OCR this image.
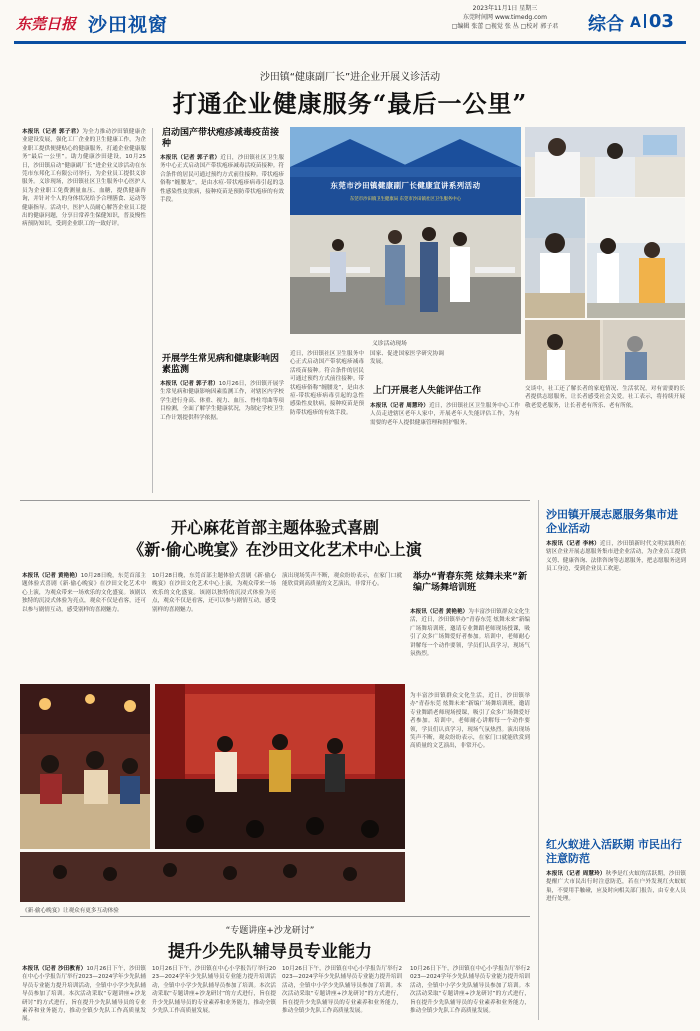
东莞日报 沙田视窗
2023年11月1日 星期三
东莞时间网 www.timedg.com
□编辑 张蕾 □视觉 张 丛 □校对 郭子君	综合 A 03
沙田镇“健康副厂长”进企业开展义诊活动
打通企业健康服务“最后一公里”
本报讯（记者 郭子君）为全力推动沙田镇健康企业建设发展，强化工厂企业的卫生健康工作，为企业职工提供便捷贴心的健康服务，打通企业健康服务“最后一公里”。助力健康沙田建设，10月25日，沙田镇启动“健康副厂长”进企业义诊活动在东莞市东邦化工有限公司举行，为企业员工提供义诊服务。义诊现场，沙田镇社区卫生服务中心医护人员为企业职工免费测量血压、血糖，提供健康咨询，并针对个人的身体状况给予合理膳食、运动等健康指导。活动中，医护人员耐心解答企业员工提出的健康问题，分享日常养生保健知识，普及慢性病预防知识，受到企业职工的一致好评。
启动国产带状疱疹减毒疫苗接种
本报讯（记者 郭子君）近日，沙田镇社区卫生服务中心正式启动国产带状疱疹减毒活疫苗接种。符合条件的居民可通过预约方式前往接种。带状疱疹俗称“缠腰龙”，是由水痘-带状疱疹病毒引起的急性感染性皮肤病，接种疫苗是预防带状疱疹的有效手段。
开展学生常见病和健康影响因素监测
本报讯（记者 郭子君）10月26日，沙田镇开展学生常见病和健康影响因素监测工作，对辖区内学校学生进行身高、体重、视力、血压、脊柱弯曲等项目检测，全面了解学生健康状况，为制定学校卫生工作计划提供科学依据。
东莞市沙田镇健康副厂长健康宣讲系列活动
东莞市沙田镇卫生健康局 东莞市沙田镇社区卫生服务中心
义诊活动现场
近日，沙田镇社区卫生服务中心正式启动国产带状疱疹减毒活疫苗接种。符合条件的居民可通过预约方式前往接种。带状疱疹俗称“缠腰龙”，是由水痘-带状疱疹病毒引起的急性感染性皮肤病，接种疫苗是预防带状疱疹的有效手段。
国家、促进国家医学研究协调发展。
上门开展老人失能评估工作
本报讯（记者 周慧玲）近日，沙田镇社区卫生服务中心工作人员走进辖区老年人家中，开展老年人失能评估工作，为有需要的老年人提供健康管理和照护服务。
交谈中，社工还了解长者的家庭情况、生活状况，对有需要的长者提供志愿服务，让长者感受社会关爱。社工表示，将持续开展敬老爱老服务，让长者老有所乐、老有所依。
开心麻花首部主题体验式喜剧
《新·偷心晚宴》在沙田文化艺术中心上演
本报讯（记者 黄艳艳）10月28日晚，东莞首部主题体验式喜剧《新·偷心晚宴》在沙田文化艺术中心上演，为观众带来一场欢乐的文化盛宴。该剧以独特的沉浸式体验为亮点，观众不仅是看客，还可以参与剧情互动，感受别样的喜剧魅力。
10月28日晚，东莞首部主题体验式喜剧《新·偷心晚宴》在沙田文化艺术中心上演，为观众带来一场欢乐的文化盛宴。该剧以独特的沉浸式体验为亮点，观众不仅是看客，还可以参与剧情互动，感受别样的喜剧魅力。
演出现场笑声不断，观众纷纷表示，在家门口就能欣赏到高质量的文艺演出，非常开心。
《新·偷心晚宴》让观众有更多互动体验
举办“青春东莞 炫舞未来”新编广场舞培训班
本报讯（记者 黄艳艳）为丰富沙田镇群众文化生活，近日，沙田镇举办“青春东莞 炫舞未来”新编广场舞培训班，邀请专业舞蹈老师现场授课，吸引了众多广场舞爱好者参加。培训中，老师耐心讲解每一个动作要领，学员们认真学习，现场气氛热烈。
为丰富沙田镇群众文化生活，近日，沙田镇举办“青春东莞 炫舞未来”新编广场舞培训班，邀请专业舞蹈老师现场授课，吸引了众多广场舞爱好者参加。培训中，老师耐心讲解每一个动作要领，学员们认真学习，现场气氛热烈。演出现场笑声不断，观众纷纷表示，在家门口就能欣赏到高质量的文艺演出，非常开心。
沙田镇开展志愿服务集市进企业活动
本报讯（记者 李林）近日，沙田镇新时代文明实践所在辖区企业开展志愿服务集市进企业活动，为企业员工提供义剪、健康咨询、法律咨询等志愿服务，把志愿服务送到员工身边，受到企业员工欢迎。
红火蚁进入活跃期 市民出行注意防范
本报讯（记者 周慧玲）秋季是红火蚁的活跃期，沙田镇提醒广大市民出行时注意防范，若在户外发现红火蚁蚁巢，不要用手触碰，应及时向相关部门报告，由专业人员进行处理。
“专题讲座+沙龙研讨”
提升少先队辅导员专业能力
本报讯（记者 沙田教育）10月26日下午，沙田镇在中心小学报告厅举行2023—2024学年少先队辅导员专业能力提升培训活动，全镇中小学少先队辅导员参加了培训。本次活动采取“专题讲座+沙龙研讨”的方式进行，旨在提升少先队辅导员的专业素养和业务能力，推动全镇少先队工作高质量发展。
10月26日下午，沙田镇在中心小学报告厅举行2023—2024学年少先队辅导员专业能力提升培训活动，全镇中小学少先队辅导员参加了培训。本次活动采取“专题讲座+沙龙研讨”的方式进行，旨在提升少先队辅导员的专业素养和业务能力，推动全镇少先队工作高质量发展。
10月26日下午，沙田镇在中心小学报告厅举行2023—2024学年少先队辅导员专业能力提升培训活动，全镇中小学少先队辅导员参加了培训。本次活动采取“专题讲座+沙龙研讨”的方式进行，旨在提升少先队辅导员的专业素养和业务能力，推动全镇少先队工作高质量发展。
10月26日下午，沙田镇在中心小学报告厅举行2023—2024学年少先队辅导员专业能力提升培训活动，全镇中小学少先队辅导员参加了培训。本次活动采取“专题讲座+沙龙研讨”的方式进行，旨在提升少先队辅导员的专业素养和业务能力，推动全镇少先队工作高质量发展。
